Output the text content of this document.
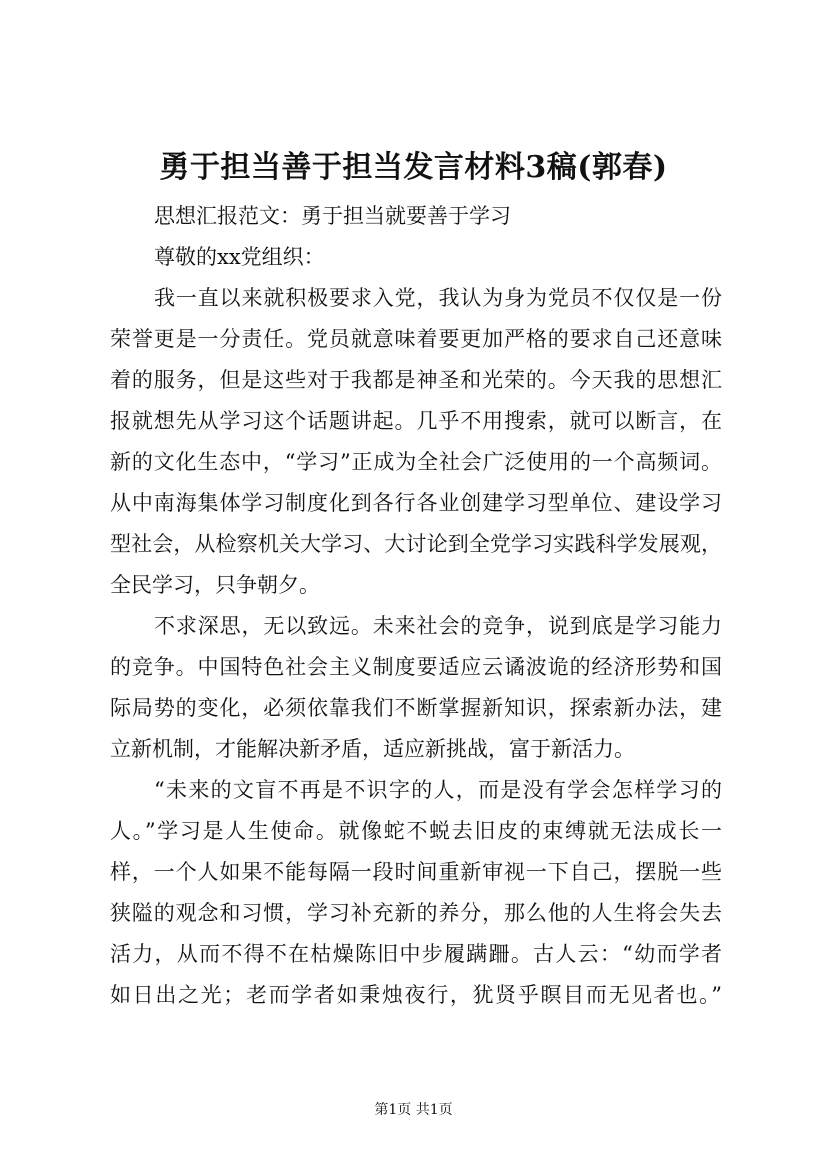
勇于担当善于担当发言材料3稿(郭春)
思想汇报范文：勇于担当就要善于学习
尊敬的xx党组织：
我一直以来就积极要求入党，我认为身为党员不仅仅是一份
荣誉更是一分责任。党员就意味着要更加严格的要求自己还意味
着的服务，但是这些对于我都是神圣和光荣的。今天我的思想汇
报就想先从学习这个话题讲起。几乎不用搜索，就可以断言，在
新的文化生态中，“学习”正成为全社会广泛使用的一个高频词。
从中南海集体学习制度化到各行各业创建学习型单位、建设学习
型社会，从检察机关大学习、大讨论到全党学习实践科学发展观，
全民学习，只争朝夕。
不求深思，无以致远。未来社会的竞争，说到底是学习能力
的竞争。中国特色社会主义制度要适应云谲波诡的经济形势和国
际局势的变化，必须依靠我们不断掌握新知识，探索新办法，建
立新机制，才能解决新矛盾，适应新挑战，富于新活力。
“未来的文盲不再是不识字的人，而是没有学会怎样学习的
人。”学习是人生使命。就像蛇不蜕去旧皮的束缚就无法成长一
样，一个人如果不能每隔一段时间重新审视一下自己，摆脱一些
狭隘的观念和习惯，学习补充新的养分，那么他的人生将会失去
活力，从而不得不在枯燥陈旧中步履蹒跚。古人云：“幼而学者
如日出之光；老而学者如秉烛夜行，犹贤乎瞑目而无见者也。”
第1页 共1页
